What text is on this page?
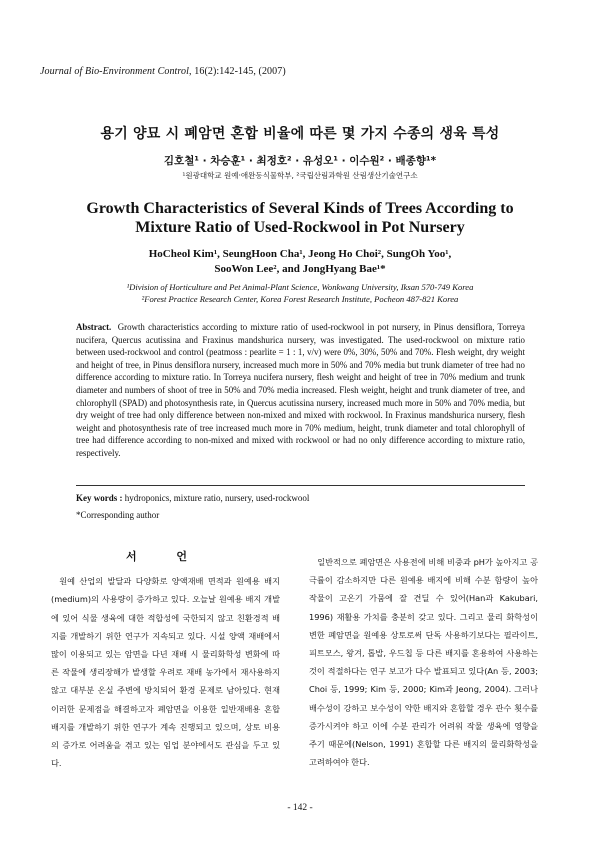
Journal of Bio-Environment Control, 16(2):142-145, (2007)
용기 양묘 시 폐암면 혼합 비율에 따른 몇 가지 수종의 생육 특성
김호철¹ · 차승훈¹ · 최정호² · 유성오¹ · 이수원² · 배종향¹*
¹원광대학교 원예·애완동식물학부, ²국립산림과학원 산림생산기술연구소
Growth Characteristics of Several Kinds of Trees According to
Mixture Ratio of Used-Rockwool in Pot Nursery
HoCheol Kim¹, SeungHoon Cha¹, Jeong Ho Choi², SungOh Yoo¹,
SooWon Lee², and JongHyang Bae¹*
¹Division of Horticulture and Pet Animal-Plant Science, Wonkwang University, Iksan 570-749 Korea
²Forest Practice Research Center, Korea Forest Research Institute, Pocheon 487-821 Korea
Abstract. Growth characteristics according to mixture ratio of used-rockwool in pot nursery, in Pinus densiflora, Torreya nucifera, Quercus acutissina and Fraxinus mandshurica nursery, was investigated. The used-rockwool on mixture ratio between used-rockwool and control (peatmoss : pearlite = 1 : 1, v/v) were 0%, 30%, 50% and 70%. Flesh weight, dry weight and height of tree, in Pinus densiflora nursery, increased much more in 50% and 70% media but trunk diameter of tree had no difference according to mixture ratio. In Torreya nucifera nursery, flesh weight and height of tree in 70% medium and trunk diameter and numbers of shoot of tree in 50% and 70% media increased. Flesh weight, height and trunk diameter of tree, and chlorophyll (SPAD) and photosynthesis rate, in Quercus acutissina nursery, increased much more in 50% and 70% media, but dry weight of tree had only difference between non-mixed and mixed with rockwool. In Fraxinus mandshurica nursery, flesh weight and photosynthesis rate of tree increased much more in 70% medium, height, trunk diameter and total chlorophyll of tree had difference according to non-mixed and mixed with rockwool or had no only difference according to mixture ratio, respectively.
Key words : hydroponics, mixture ratio, nursery, used-rockwool
*Corresponding author
서 언

원예 산업의 발달과 다양화로 양액재배 면적과 원예용 배지(medium)의 사용량이 증가하고 있다. 오늘날 원예용 배지 개발에 있어 식물 생육에 대한 적합성에 국한되지 않고 친환경적 배지를 개발하기 위한 연구가 지속되고 있다. 시설 양액 재배에서 많이 이용되고 있는 암면을 다년 재배 시 물리화학성 변화에 따른 작물에 생리장해가 발생할 우려로 재배 농가에서 재사용하지 않고 대부분 온실 주변에 방치되어 환경 문제로 남아있다. 현재 이러한 문제점을 해결하고자 폐암면을 이용한 일반재배용 혼합 배지를 개발하기 위한 연구가 계속 진행되고 있으며, 상토 비용의 증가로 어려움을 겪고 있는 임업 분야에서도 관심을 두고 있다.

일반적으로 폐암면은 사용전에 비해 비중과 pH가 높아지고 공극률이 감소하지만 다른 원예용 배지에 비해 수분 함량이 높아 작물이 고온기 가뭄에 잘 견딜 수 있어(Han과 Kakubari, 1996) 재활용 가치를 충분히 갖고 있다. 그리고 물리 화학성이 변한 폐암면을 원예용 상토로써 단독 사용하기보다는 필라이트, 피트모스, 왕겨, 톱밥, 우드칩 등 다른 배지를 혼용하여 사용하는 것이 적절하다는 연구 보고가 다수 발표되고 있다(An 등, 2003; Choi 등, 1999; Kim 등, 2000; Kim과 Jeong, 2004). 그러나 배수성이 강하고 보수성이 약한 배지와 혼합할 경우 관수 횟수를 증가시켜야 하고 이에 수분 관리가 어려워 작물 생육에 영향을 주기 때문에(Nelson, 1991) 혼합할 다른 배지의 물리화학성을 고려하여야 한다.

- 142 -
